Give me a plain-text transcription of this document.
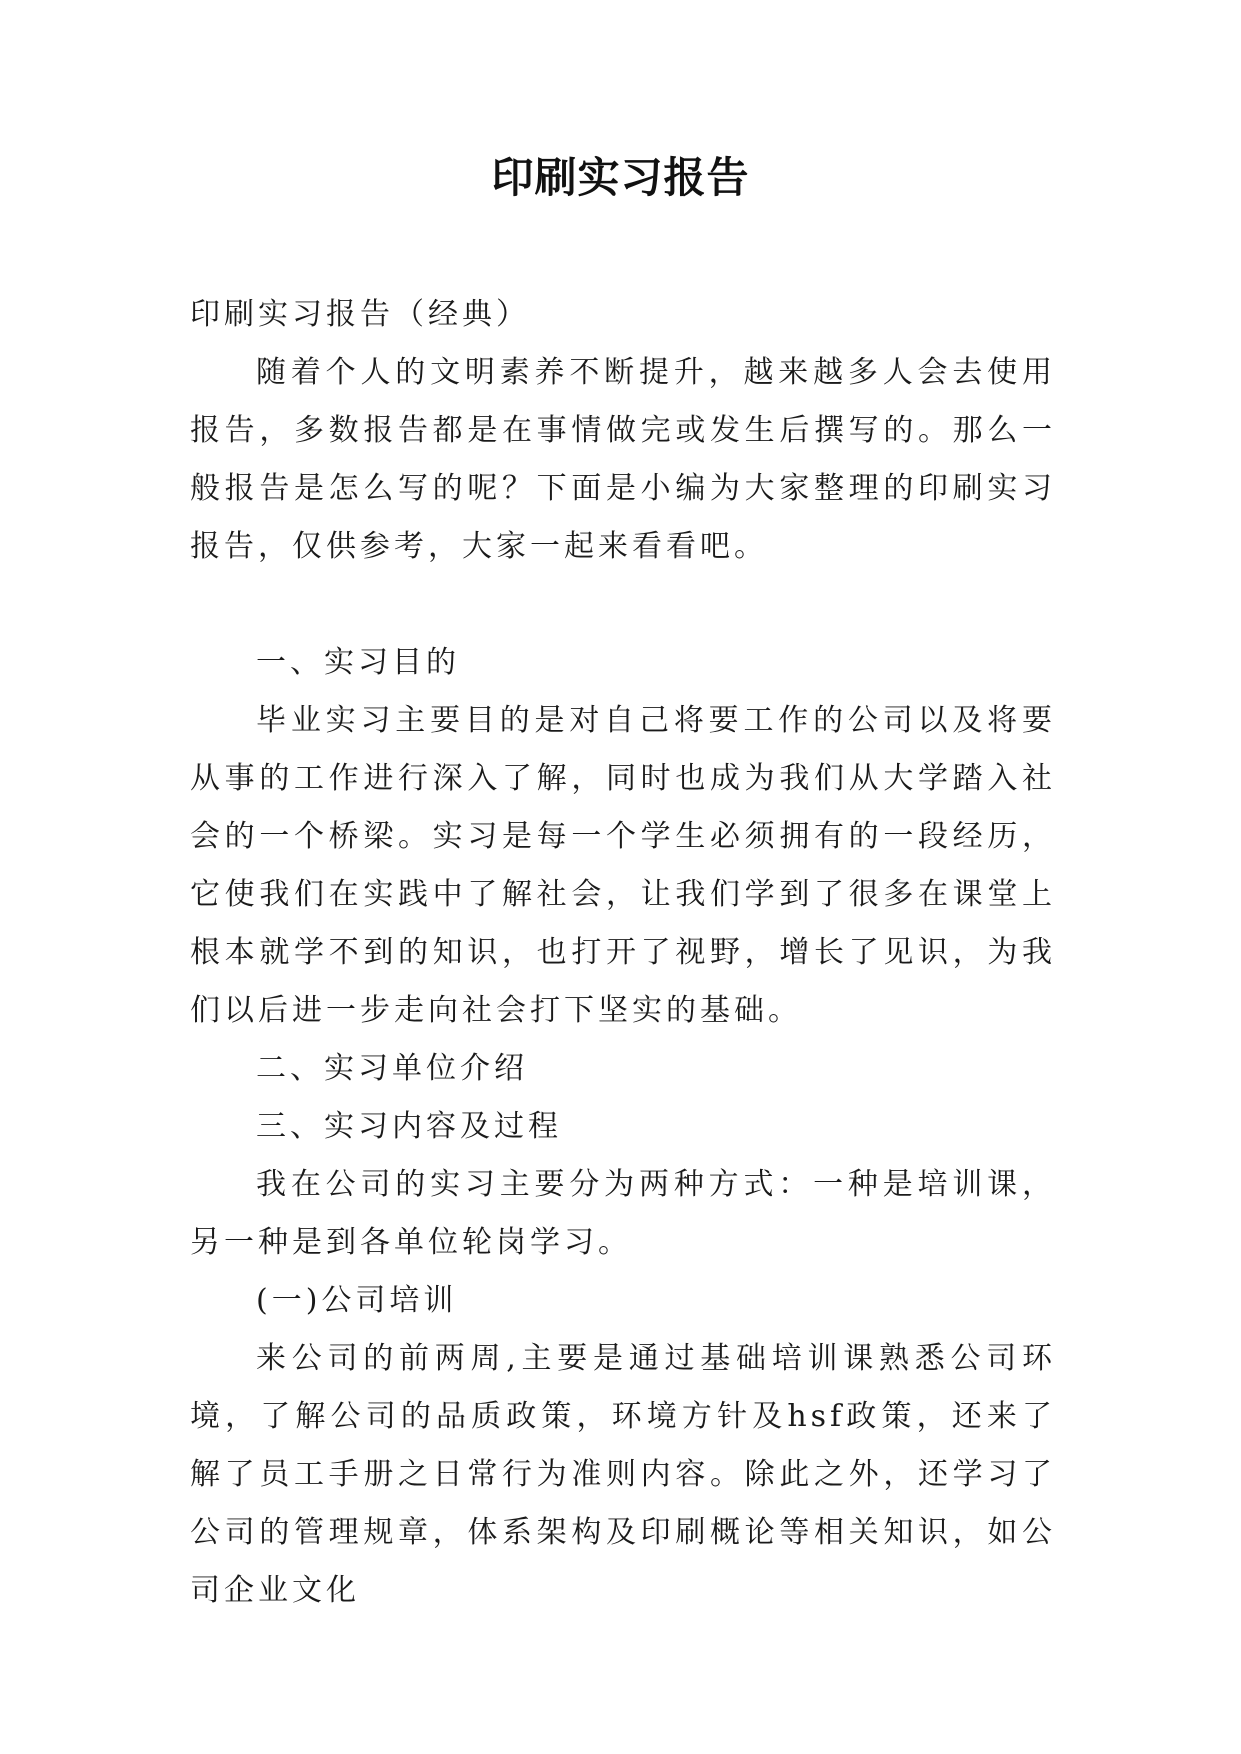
印刷实习报告

印刷实习报告（经典）

随着个人的文明素养不断提升，越来越多人会去使用报告，多数报告都是在事情做完或发生后撰写的。那么一般报告是怎么写的呢？下面是小编为大家整理的印刷实习报告，仅供参考，大家一起来看看吧。

一、实习目的

毕业实习主要目的是对自己将要工作的公司以及将要从事的工作进行深入了解，同时也成为我们从大学踏入社会的一个桥梁。实习是每一个学生必须拥有的一段经历，它使我们在实践中了解社会，让我们学到了很多在课堂上根本就学不到的知识，也打开了视野，增长了见识，为我们以后进一步走向社会打下坚实的基础。

二、实习单位介绍

三、实习内容及过程

我在公司的实习主要分为两种方式：一种是培训课，另一种是到各单位轮岗学习。

(一)公司培训

来公司的前两周,主要是通过基础培训课熟悉公司环境，了解公司的品质政策，环境方针及hsf政策，还来了解了员工手册之日常行为准则内容。除此之外，还学习了公司的管理规章，体系架构及印刷概论等相关知识，如公司企业文化
